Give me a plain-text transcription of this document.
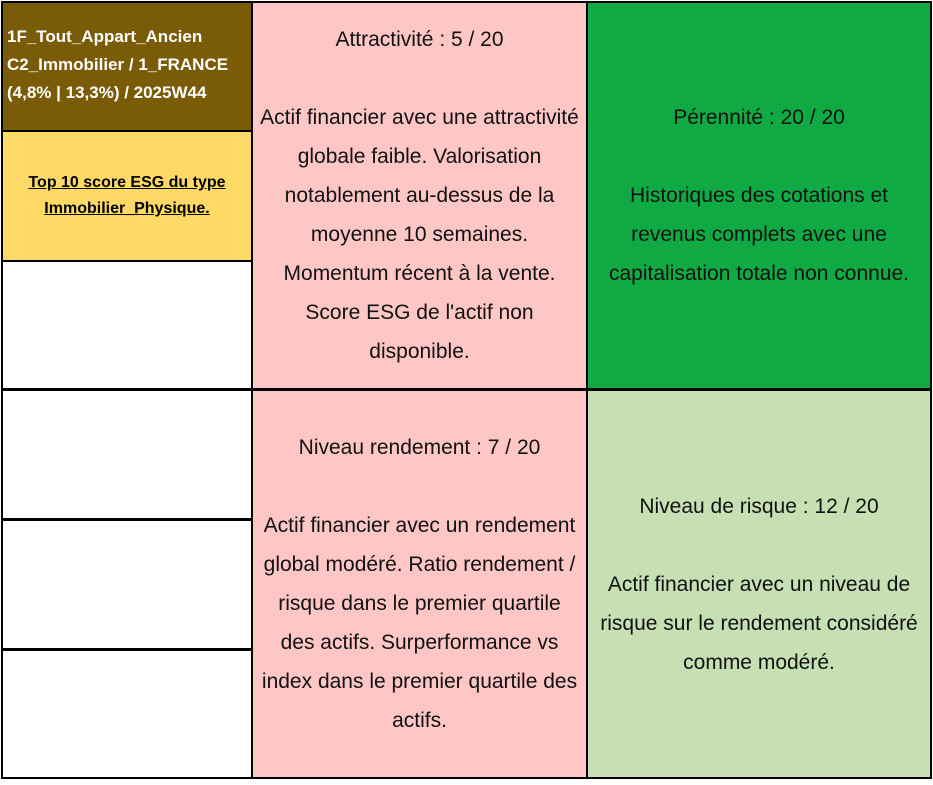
1F_Tout_Appart_Ancien
C2_Immobilier / 1_FRANCE
(4,8% | 13,3%) / 2025W44
Top 10 score ESG du type
Immobilier_Physique.
Attractivité : 5 / 20
Actif financier avec une attractivité globale faible. Valorisation notablement au-dessus de la moyenne 10 semaines. Momentum récent à la vente. Score ESG de l'actif non disponible.
Pérennité : 20 / 20
Historiques des cotations et revenus complets avec une capitalisation totale non connue.
Niveau rendement : 7 / 20
Actif financier avec un rendement global modéré. Ratio rendement / risque dans le premier quartile des actifs. Surperformance vs index dans le premier quartile des actifs.
Niveau de risque : 12 / 20
Actif financier avec un niveau de risque sur le rendement considéré comme modéré.
